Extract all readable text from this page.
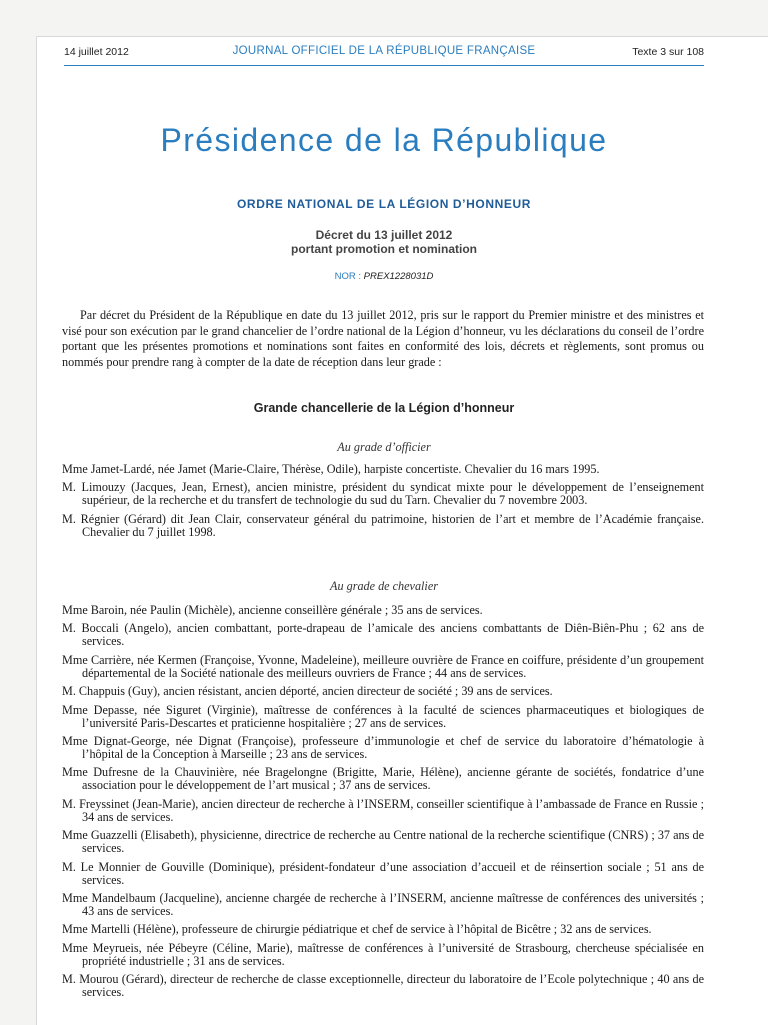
14 juillet 2012	JOURNAL OFFICIEL DE LA RÉPUBLIQUE FRANÇAISE	Texte 3 sur 108
Présidence de la République
ORDRE NATIONAL DE LA LÉGION D’HONNEUR
Décret du 13 juillet 2012
portant promotion et nomination
NOR : PREX1228031D

Par décret du Président de la République en date du 13 juillet 2012, pris sur le rapport du Premier ministre et des ministres et visé pour son exécution par le grand chancelier de l’ordre national de la Légion d’honneur, vu les déclarations du conseil de l’ordre portant que les présentes promotions et nominations sont faites en conformité des lois, décrets et règlements, sont promus ou nommés pour prendre rang à compter de la date de réception dans leur grade :

Grande chancellerie de la Légion d’honneur
Au grade d’officier
Mme Jamet-Lardé, née Jamet (Marie-Claire, Thérèse, Odile), harpiste concertiste. Chevalier du 16 mars 1995.
M. Limouzy (Jacques, Jean, Ernest), ancien ministre, président du syndicat mixte pour le développement de l’enseignement supérieur, de la recherche et du transfert de technologie du sud du Tarn. Chevalier du 7 novembre 2003.
M. Régnier (Gérard) dit Jean Clair, conservateur général du patrimoine, historien de l’art et membre de l’Académie française. Chevalier du 7 juillet 1998.
Au grade de chevalier
Mme Baroin, née Paulin (Michèle), ancienne conseillère générale ; 35 ans de services.
M. Boccali (Angelo), ancien combattant, porte-drapeau de l’amicale des anciens combattants de Diên-Biên-Phu ; 62 ans de services.
Mme Carrière, née Kermen (Françoise, Yvonne, Madeleine), meilleure ouvrière de France en coiffure, présidente d’un groupement départemental de la Société nationale des meilleurs ouvriers de France ; 44 ans de services.
M. Chappuis (Guy), ancien résistant, ancien déporté, ancien directeur de société ; 39 ans de services.
Mme Depasse, née Siguret (Virginie), maîtresse de conférences à la faculté de sciences pharmaceutiques et biologiques de l’université Paris-Descartes et praticienne hospitalière ; 27 ans de services.
Mme Dignat-George, née Dignat (Françoise), professeure d’immunologie et chef de service du laboratoire d’hématologie à l’hôpital de la Conception à Marseille ; 23 ans de services.
Mme Dufresne de la Chauvinière, née Bragelongne (Brigitte, Marie, Hélène), ancienne gérante de sociétés, fondatrice d’une association pour le développement de l’art musical ; 37 ans de services.
M. Freyssinet (Jean-Marie), ancien directeur de recherche à l’INSERM, conseiller scientifique à l’ambassade de France en Russie ; 34 ans de services.
Mme Guazzelli (Elisabeth), physicienne, directrice de recherche au Centre national de la recherche scientifique (CNRS) ; 37 ans de services.
M. Le Monnier de Gouville (Dominique), président-fondateur d’une association d’accueil et de réinsertion sociale ; 51 ans de services.
Mme Mandelbaum (Jacqueline), ancienne chargée de recherche à l’INSERM, ancienne maîtresse de conférences des universités ; 43 ans de services.
Mme Martelli (Hélène), professeure de chirurgie pédiatrique et chef de service à l’hôpital de Bicêtre ; 32 ans de services.
Mme Meyrueis, née Pébeyre (Céline, Marie), maîtresse de conférences à l’université de Strasbourg, chercheuse spécialisée en propriété industrielle ; 31 ans de services.
M. Mourou (Gérard), directeur de recherche de classe exceptionnelle, directeur du laboratoire de l’Ecole polytechnique ; 40 ans de services.
